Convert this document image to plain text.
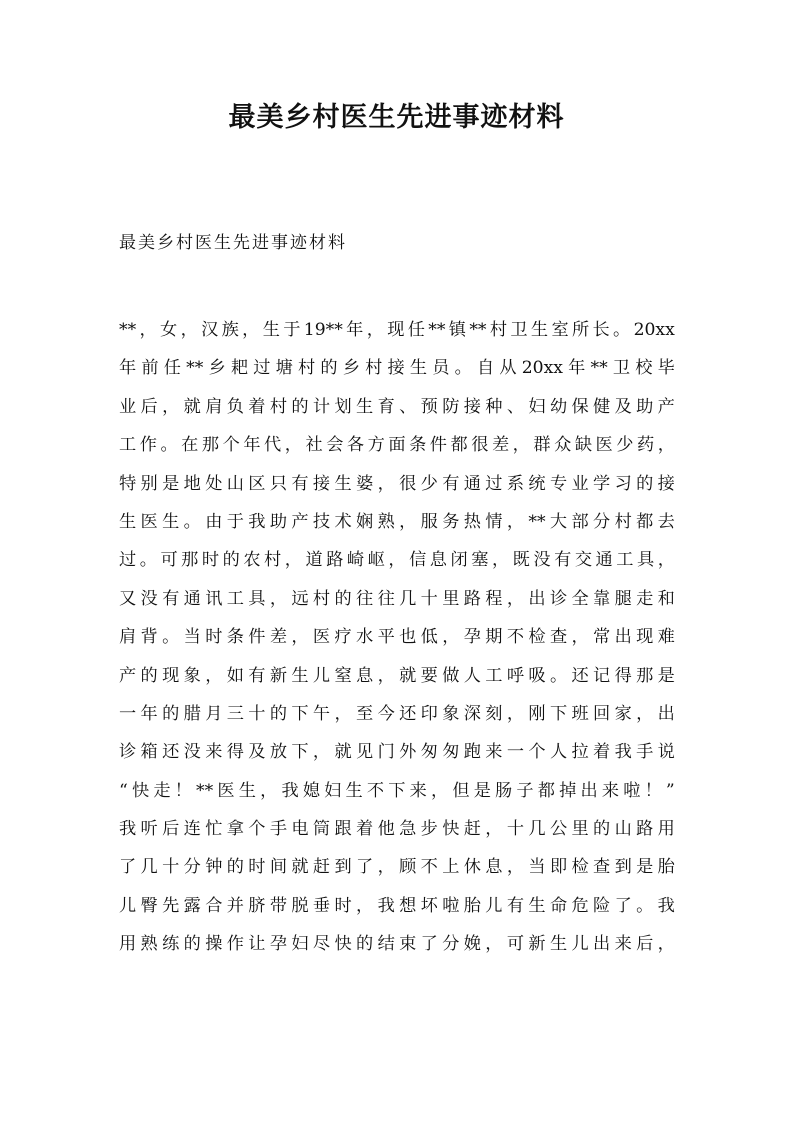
最美乡村医生先进事迹材料

最美乡村医生先进事迹材料

** ， 女 ， 汉 族 ， 生 于 19** 年 ， 现 任 ** 镇 ** 村 卫 生 室 所 长 。 20xx
年 前 任 ** 乡 耙 过 塘 村 的 乡 村 接 生 员 。 自 从 20xx 年 ** 卫 校 毕
业 后 ， 就 肩 负 着 村 的 计 划 生 育 、 预 防 接 种 、 妇 幼 保 健 及 助 产
工 作 。 在 那 个 年 代 ， 社 会 各 方 面 条 件 都 很 差 ， 群 众 缺 医 少 药 ，
特 别 是 地 处 山 区 只 有 接 生 婆 ， 很 少 有 通 过 系 统 专 业 学 习 的 接
生 医 生 。 由 于 我 助 产 技 术 娴 熟 ， 服 务 热 情 ， ** 大 部 分 村 都 去
过 。 可 那 时 的 农 村 ， 道 路 崎 岖 ， 信 息 闭 塞 ， 既 没 有 交 通 工 具 ，
又 没 有 通 讯 工 具 ， 远 村 的 往 往 几 十 里 路 程 ， 出 诊 全 靠 腿 走 和
肩 背 。 当 时 条 件 差 ， 医 疗 水 平 也 低 ， 孕 期 不 检 查 ， 常 出 现 难
产 的 现 象 ， 如 有 新 生 儿 窒 息 ， 就 要 做 人 工 呼 吸 。 还 记 得 那 是
一 年 的 腊 月 三 十 的 下 午 ， 至 今 还 印 象 深 刻 ， 刚 下 班 回 家 ， 出
诊 箱 还 没 来 得 及 放 下 ， 就 见 门 外 匆 匆 跑 来 一 个 人 拉 着 我 手 说
“ 快 走 ！ ** 医 生 ， 我 媳 妇 生 不 下 来 ， 但 是 肠 子 都 掉 出 来 啦 ！ ”
我 听 后 连 忙 拿 个 手 电 筒 跟 着 他 急 步 快 赶 ， 十 几 公 里 的 山 路 用
了 几 十 分 钟 的 时 间 就 赶 到 了 ， 顾 不 上 休 息 ， 当 即 检 查 到 是 胎
儿 臀 先 露 合 并 脐 带 脱 垂 时 ， 我 想 坏 啦 胎 儿 有 生 命 危 险 了 。 我
用 熟 练 的 操 作 让 孕 妇 尽 快 的 结 束 了 分 娩 ， 可 新 生 儿 出 来 后 ，
